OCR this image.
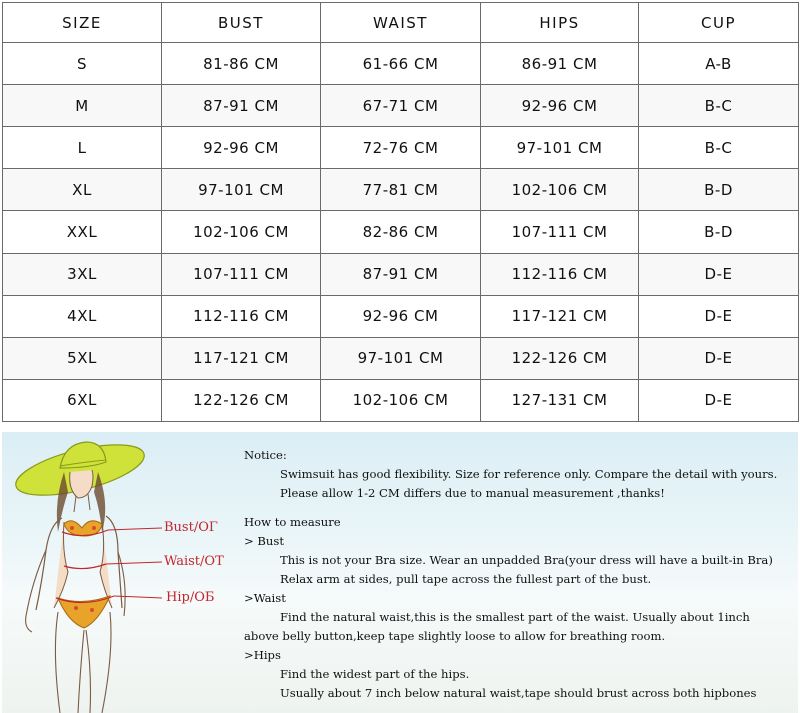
SIZE	BUST	WAIST	HIPS	CUP
S	81-86 CM	61-66 CM	86-91 CM	A-B
M	87-91 CM	67-71 CM	92-96 CM	B-C
L	92-96 CM	72-76 CM	97-101 CM	B-C
XL	97-101 CM	77-81 CM	102-106 CM	B-D
XXL	102-106 CM	82-86 CM	107-111 CM	B-D
3XL	107-111 CM	87-91 CM	112-116 CM	D-E
4XL	112-116 CM	92-96 CM	117-121 CM	D-E
5XL	117-121 CM	97-101 CM	122-126 CM	D-E
6XL	122-126 CM	102-106 CM	127-131 CM	D-E
Bust/OΓ
Waist/OT
Hip/OБ
Notice:
Swimsuit has good flexibility. Size for reference only. Compare the detail with yours.
Please allow 1-2 CM differs due to manual measurement ,thanks!
How to measure
> Bust
This is not your Bra size. Wear an unpadded Bra(your dress will have a built-in Bra)
Relax arm at sides, pull tape across the fullest part of the bust.
>Waist
Find the natural waist,this is the smallest part of the waist. Usually about 1inch
above belly button,keep tape slightly loose to allow for breathing room.
>Hips
Find the widest part of the hips.
Usually about 7 inch below natural waist,tape should brust across both hipbones
